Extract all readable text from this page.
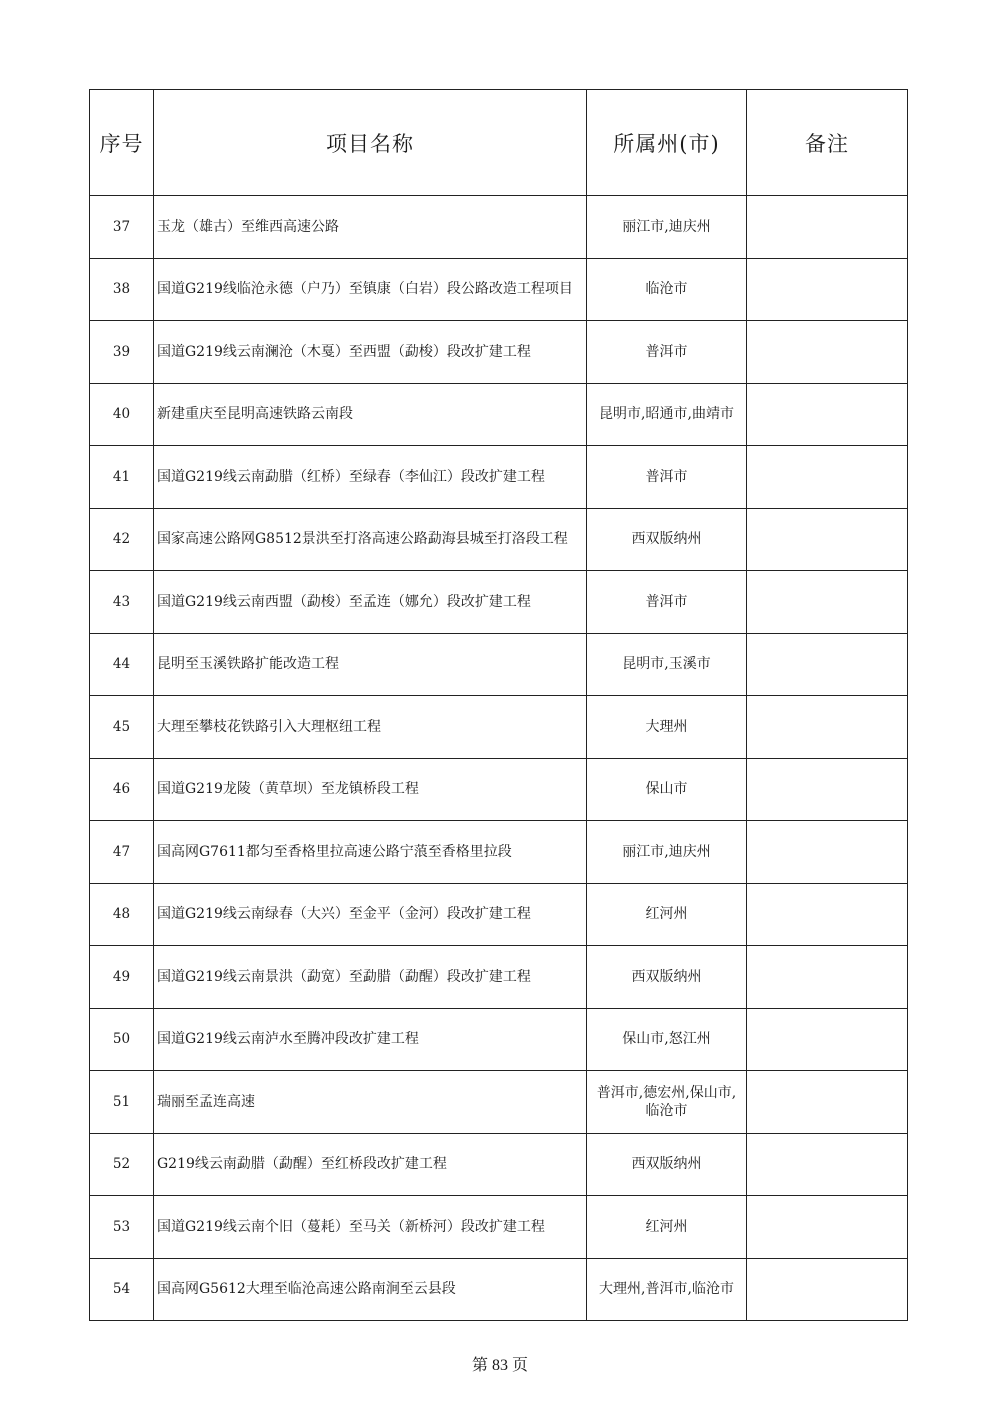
序号	项目名称	所属州(市)	备注
37	玉龙（雄古）至维西高速公路	丽江市,迪庆州	
38	国道G219线临沧永德（户乃）至镇康（白岩）段公路改造工程项目	临沧市	
39	国道G219线云南澜沧（木戛）至西盟（勐梭）段改扩建工程	普洱市	
40	新建重庆至昆明高速铁路云南段	昆明市,昭通市,曲靖市	
41	国道G219线云南勐腊（红桥）至绿春（李仙江）段改扩建工程	普洱市	
42	国家高速公路网G8512景洪至打洛高速公路勐海县城至打洛段工程	西双版纳州	
43	国道G219线云南西盟（勐梭）至孟连（娜允）段改扩建工程	普洱市	
44	昆明至玉溪铁路扩能改造工程	昆明市,玉溪市	
45	大理至攀枝花铁路引入大理枢纽工程	大理州	
46	国道G219龙陵（黄草坝）至龙镇桥段工程	保山市	
47	国高网G7611都匀至香格里拉高速公路宁蒗至香格里拉段	丽江市,迪庆州	
48	国道G219线云南绿春（大兴）至金平（金河）段改扩建工程	红河州	
49	国道G219线云南景洪（勐宽）至勐腊（勐醒）段改扩建工程	西双版纳州	
50	国道G219线云南泸水至腾冲段改扩建工程	保山市,怒江州	
51	瑞丽至孟连高速	普洱市,德宏州,保山市,临沧市	
52	G219线云南勐腊（勐醒）至红桥段改扩建工程	西双版纳州	
53	国道G219线云南个旧（蔓耗）至马关（新桥河）段改扩建工程	红河州	
54	国高网G5612大理至临沧高速公路南涧至云县段	大理州,普洱市,临沧市	
第 83 页
